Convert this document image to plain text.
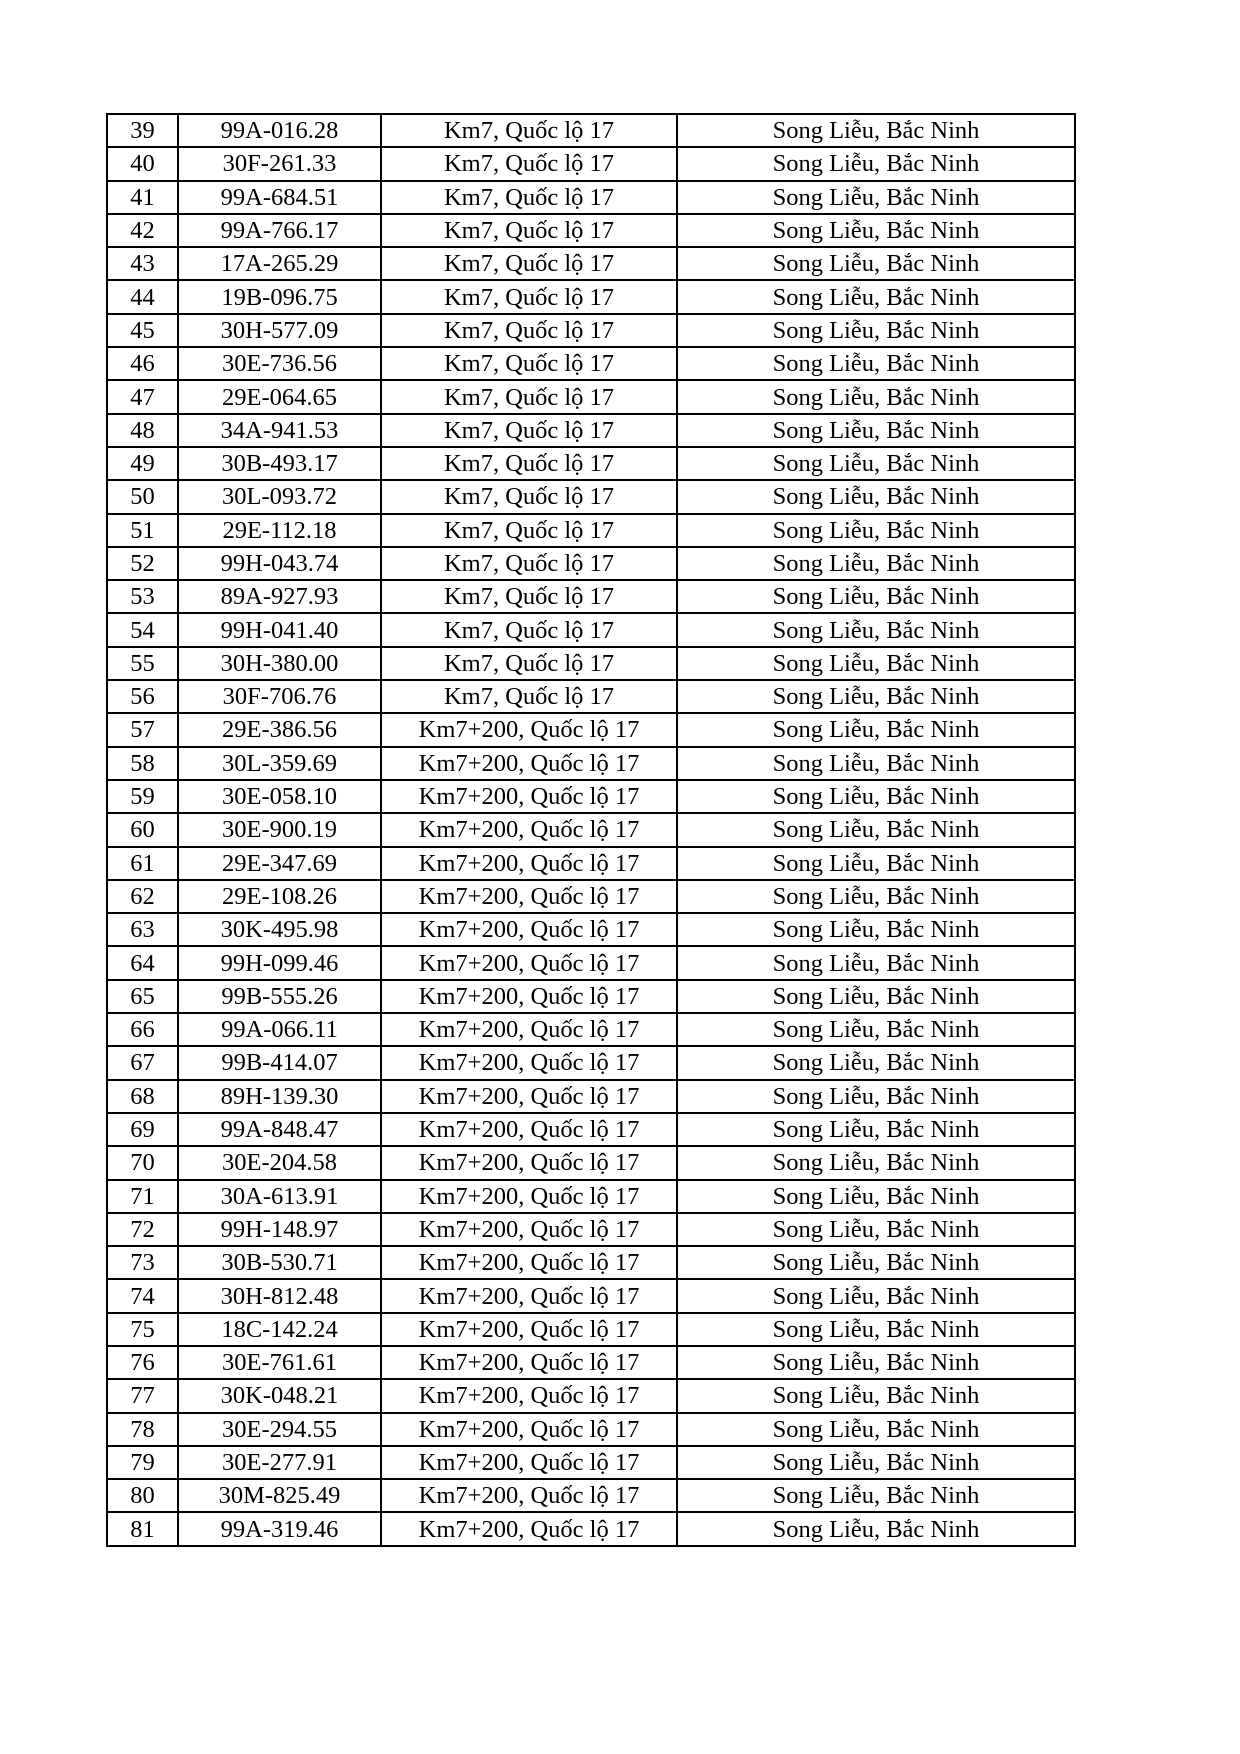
39	99A-016.28	Km7, Quốc lộ 17	Song Liễu, Bắc Ninh
40	30F-261.33	Km7, Quốc lộ 17	Song Liễu, Bắc Ninh
41	99A-684.51	Km7, Quốc lộ 17	Song Liễu, Bắc Ninh
42	99A-766.17	Km7, Quốc lộ 17	Song Liễu, Bắc Ninh
43	17A-265.29	Km7, Quốc lộ 17	Song Liễu, Bắc Ninh
44	19B-096.75	Km7, Quốc lộ 17	Song Liễu, Bắc Ninh
45	30H-577.09	Km7, Quốc lộ 17	Song Liễu, Bắc Ninh
46	30E-736.56	Km7, Quốc lộ 17	Song Liễu, Bắc Ninh
47	29E-064.65	Km7, Quốc lộ 17	Song Liễu, Bắc Ninh
48	34A-941.53	Km7, Quốc lộ 17	Song Liễu, Bắc Ninh
49	30B-493.17	Km7, Quốc lộ 17	Song Liễu, Bắc Ninh
50	30L-093.72	Km7, Quốc lộ 17	Song Liễu, Bắc Ninh
51	29E-112.18	Km7, Quốc lộ 17	Song Liễu, Bắc Ninh
52	99H-043.74	Km7, Quốc lộ 17	Song Liễu, Bắc Ninh
53	89A-927.93	Km7, Quốc lộ 17	Song Liễu, Bắc Ninh
54	99H-041.40	Km7, Quốc lộ 17	Song Liễu, Bắc Ninh
55	30H-380.00	Km7, Quốc lộ 17	Song Liễu, Bắc Ninh
56	30F-706.76	Km7, Quốc lộ 17	Song Liễu, Bắc Ninh
57	29E-386.56	Km7+200, Quốc lộ 17	Song Liễu, Bắc Ninh
58	30L-359.69	Km7+200, Quốc lộ 17	Song Liễu, Bắc Ninh
59	30E-058.10	Km7+200, Quốc lộ 17	Song Liễu, Bắc Ninh
60	30E-900.19	Km7+200, Quốc lộ 17	Song Liễu, Bắc Ninh
61	29E-347.69	Km7+200, Quốc lộ 17	Song Liễu, Bắc Ninh
62	29E-108.26	Km7+200, Quốc lộ 17	Song Liễu, Bắc Ninh
63	30K-495.98	Km7+200, Quốc lộ 17	Song Liễu, Bắc Ninh
64	99H-099.46	Km7+200, Quốc lộ 17	Song Liễu, Bắc Ninh
65	99B-555.26	Km7+200, Quốc lộ 17	Song Liễu, Bắc Ninh
66	99A-066.11	Km7+200, Quốc lộ 17	Song Liễu, Bắc Ninh
67	99B-414.07	Km7+200, Quốc lộ 17	Song Liễu, Bắc Ninh
68	89H-139.30	Km7+200, Quốc lộ 17	Song Liễu, Bắc Ninh
69	99A-848.47	Km7+200, Quốc lộ 17	Song Liễu, Bắc Ninh
70	30E-204.58	Km7+200, Quốc lộ 17	Song Liễu, Bắc Ninh
71	30A-613.91	Km7+200, Quốc lộ 17	Song Liễu, Bắc Ninh
72	99H-148.97	Km7+200, Quốc lộ 17	Song Liễu, Bắc Ninh
73	30B-530.71	Km7+200, Quốc lộ 17	Song Liễu, Bắc Ninh
74	30H-812.48	Km7+200, Quốc lộ 17	Song Liễu, Bắc Ninh
75	18C-142.24	Km7+200, Quốc lộ 17	Song Liễu, Bắc Ninh
76	30E-761.61	Km7+200, Quốc lộ 17	Song Liễu, Bắc Ninh
77	30K-048.21	Km7+200, Quốc lộ 17	Song Liễu, Bắc Ninh
78	30E-294.55	Km7+200, Quốc lộ 17	Song Liễu, Bắc Ninh
79	30E-277.91	Km7+200, Quốc lộ 17	Song Liễu, Bắc Ninh
80	30M-825.49	Km7+200, Quốc lộ 17	Song Liễu, Bắc Ninh
81	99A-319.46	Km7+200, Quốc lộ 17	Song Liễu, Bắc Ninh
